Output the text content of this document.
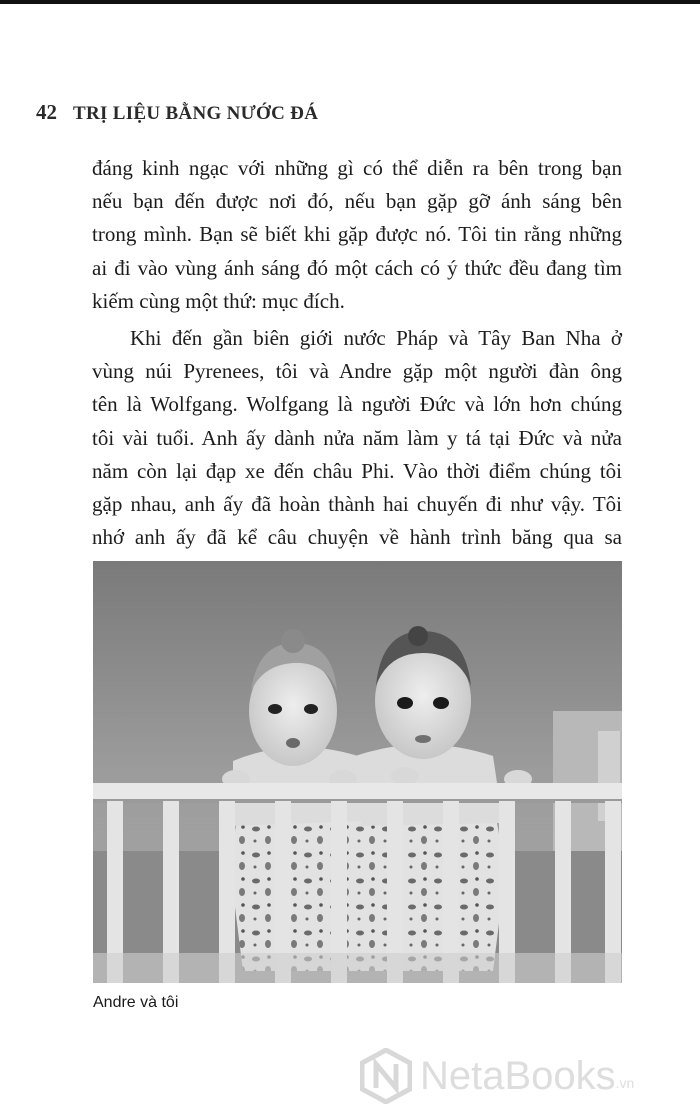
42 TRỊ LIỆU BẰNG NƯỚC ĐÁ
đáng kinh ngạc với những gì có thể diễn ra bên trong bạn
nếu bạn đến được nơi đó, nếu bạn gặp gỡ ánh sáng bên
trong mình. Bạn sẽ biết khi gặp được nó. Tôi tin rằng những
ai đi vào vùng ánh sáng đó một cách có ý thức đều đang tìm
kiếm cùng một thứ: mục đích.
Khi đến gần biên giới nước Pháp và Tây Ban Nha ở
vùng núi Pyrenees, tôi và Andre gặp một người đàn ông
tên là Wolfgang. Wolfgang là người Đức và lớn hơn chúng
tôi vài tuổi. Anh ấy dành nửa năm làm y tá tại Đức và nửa
năm còn lại đạp xe đến châu Phi. Vào thời điểm chúng tôi
gặp nhau, anh ấy đã hoàn thành hai chuyến đi như vậy. Tôi
nhớ anh ấy đã kể câu chuyện về hành trình băng qua sa
Andre và tôi
NetaBooks .vn
